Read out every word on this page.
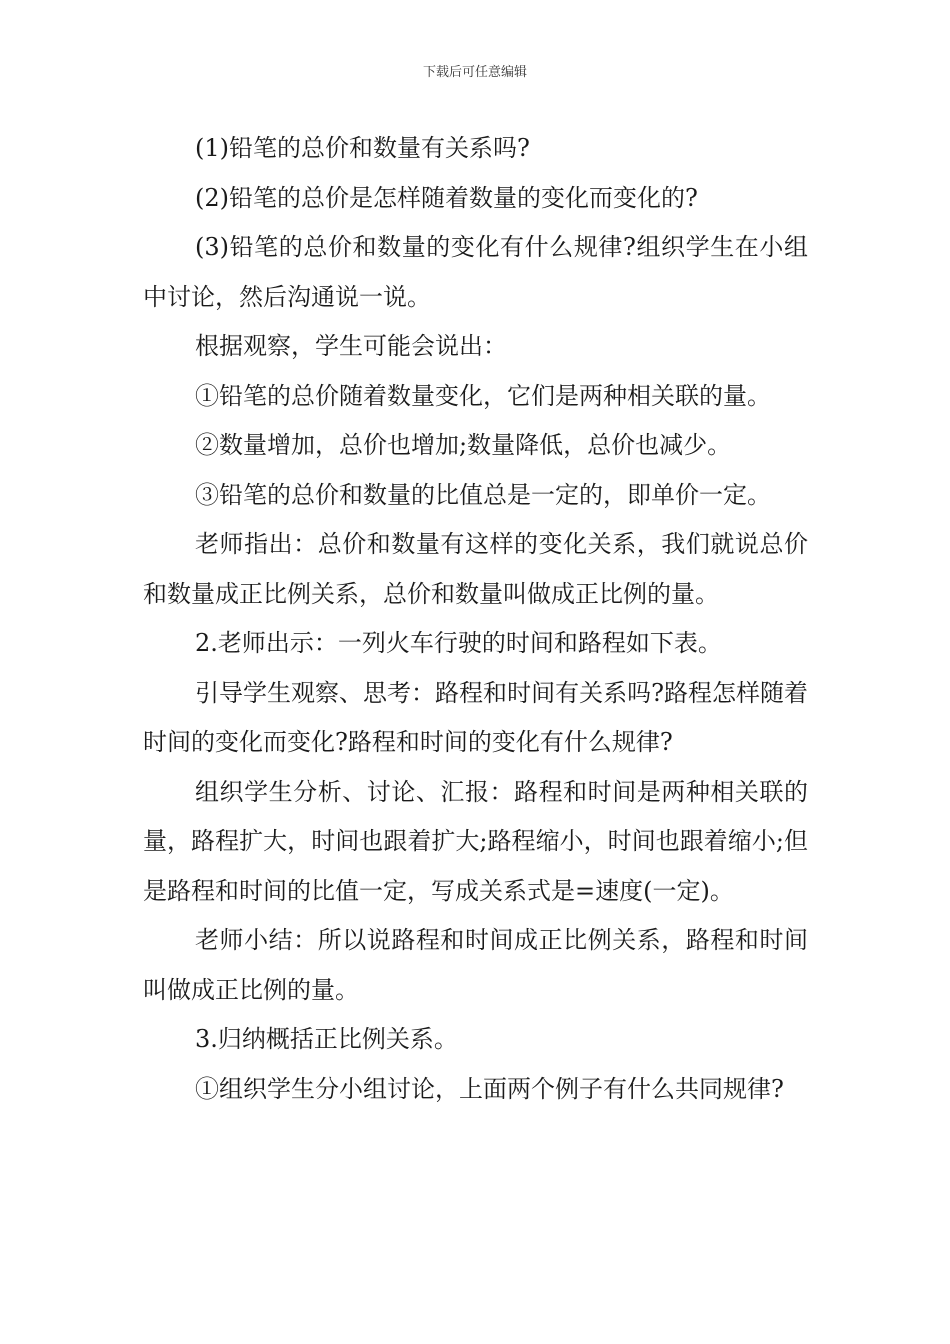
下载后可任意编辑

(1)铅笔的总价和数量有关系吗?

(2)铅笔的总价是怎样随着数量的变化而变化的?

(3)铅笔的总价和数量的变化有什么规律?组织学生在小组中讨论，然后沟通说一说。

根据观察，学生可能会说出：

①铅笔的总价随着数量变化，它们是两种相关联的量。

②数量增加，总价也增加;数量降低，总价也减少。

③铅笔的总价和数量的比值总是一定的，即单价一定。

老师指出：总价和数量有这样的变化关系，我们就说总价和数量成正比例关系，总价和数量叫做成正比例的量。

2.老师出示：一列火车行驶的时间和路程如下表。

引导学生观察、思考：路程和时间有关系吗?路程怎样随着时间的变化而变化?路程和时间的变化有什么规律?

组织学生分析、讨论、汇报：路程和时间是两种相关联的量，路程扩大，时间也跟着扩大;路程缩小，时间也跟着缩小;但是路程和时间的比值一定，写成关系式是=速度(一定)。

老师小结：所以说路程和时间成正比例关系，路程和时间叫做成正比例的量。

3.归纳概括正比例关系。

①组织学生分小组讨论，上面两个例子有什么共同规律?
